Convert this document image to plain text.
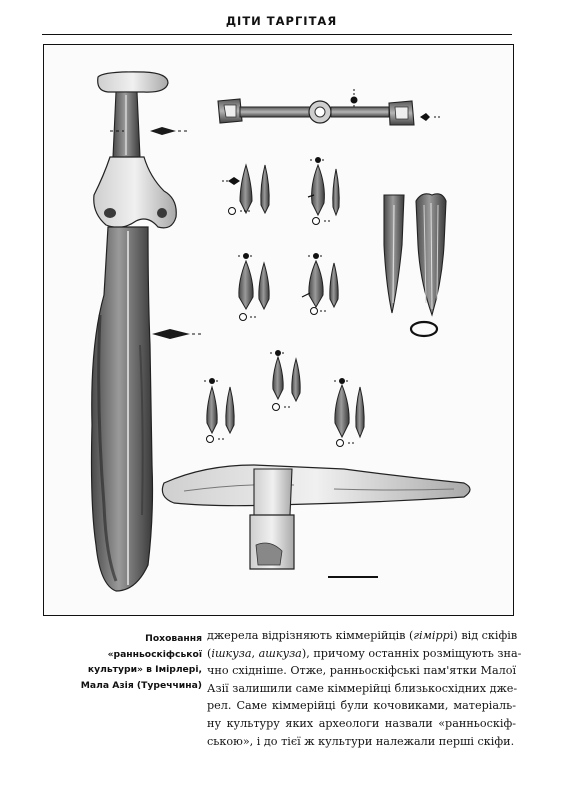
ДІТИ ТАРГІТАЯ
Поховання «ранньоскіфської
культури» в Імірлері,
Мала Азія (Туреччина)
джерела відрізняють кіммерійців (гіміррі) від скіфів
(ішкуза, ашкуза), причому останніх розміщують зна-
чно східніше. Отже, ранньоскіфські пам'ятки Малої
Азії залишили саме кіммерійці близькосхідних дже-
рел. Саме кіммерійці були кочовиками, матеріаль-
ну культуру яких археологи назвали «ранньоскіф-
ською», і до тієї ж культури належали перші скіфи.
